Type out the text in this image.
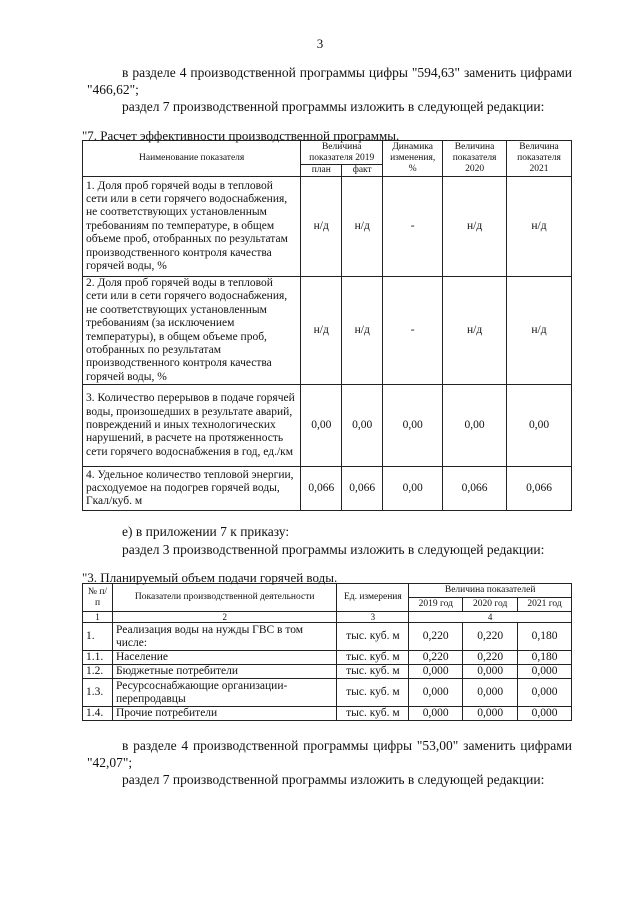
3
в разделе 4 производственной программы цифры "594,63" заменить цифрами
"466,62";
раздел 7 производственной программы изложить в следующей редакции:
"7. Расчет эффективности производственной программы.
Наименование показателя	Величина показателя 2019		Динамика изменения, %	Величина показателя 2020	Величина показателя 2021
	план	факт			
1. Доля проб горячей воды в тепловой сети или в сети горячего водоснабжения, не соответствующих установленным требованиям по температуре, в общем объеме проб, отобранных по результатам производственного контроля качества горячей воды, %	н/д	н/д	-	н/д	н/д
2. Доля проб горячей воды в тепловой сети или в сети горячего водоснабжения, не соответствующих установленным требованиям (за исключением температуры), в общем объеме проб, отобранных по результатам производственного контроля качества горячей воды, %	н/д	н/д	-	н/д	н/д
3. Количество перерывов в подаче горячей воды, произошедших в результате аварий, повреждений и иных технологических нарушений, в расчете на протяженность сети горячего водоснабжения в год, ед./км	0,00	0,00	0,00	0,00	0,00
4. Удельное количество тепловой энергии, расходуемое на подогрев горячей воды, Гкал/куб. м	0,066	0,066	0,00	0,066	0,066
е) в приложении 7 к приказу:
раздел 3 производственной программы изложить в следующей редакции:
"3. Планируемый объем подачи горячей воды.
№ п/п	Показатели производственной деятельности	Ед. измерения	Величина показателей		
			2019 год	2020 год	2021 год
1	2	3	4		
1.	Реализация воды на нужды ГВС в том числе:	тыс. куб. м	0,220	0,220	0,180
1.1.	Население	тыс. куб. м	0,220	0,220	0,180
1.2.	Бюджетные потребители	тыс. куб. м	0,000	0,000	0,000
1.3.	Ресурсоснабжающие организации-перепродавцы	тыс. куб. м	0,000	0,000	0,000
1.4.	Прочие потребители	тыс. куб. м	0,000	0,000	0,000
в разделе 4 производственной программы цифры "53,00" заменить цифрами
"42,07";
раздел 7 производственной программы изложить в следующей редакции:
